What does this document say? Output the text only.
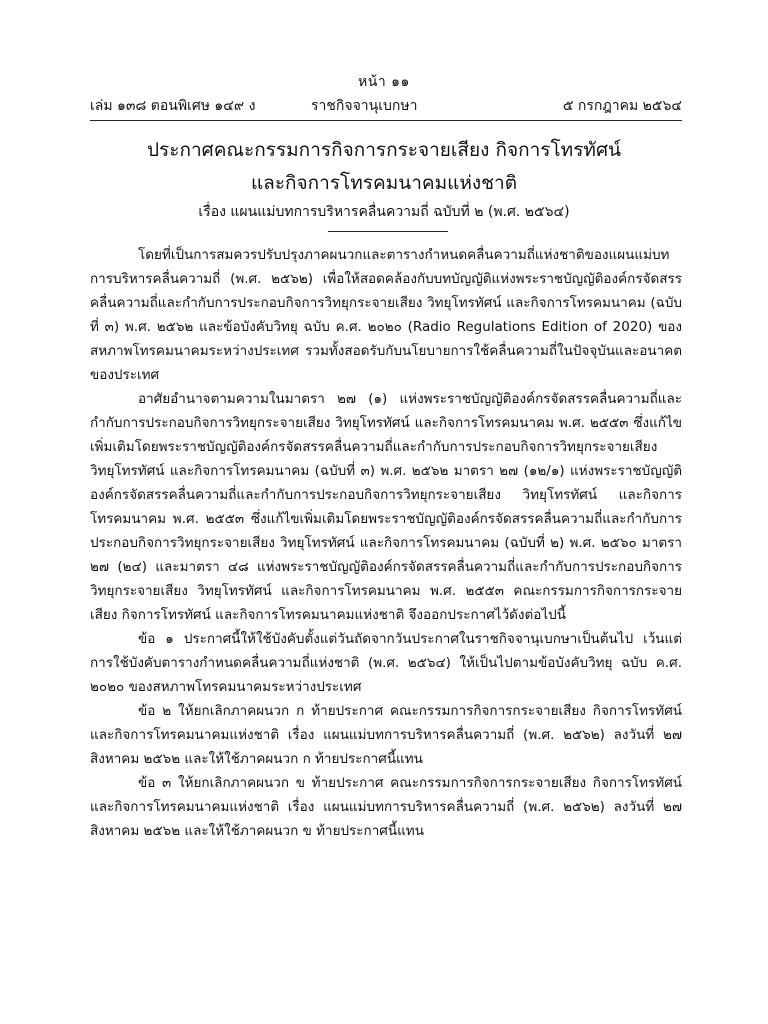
หน้า ๑๑
เล่ม ๑๓๘ ตอนพิเศษ ๑๔๙ ง	ราชกิจจานุเบกษา	๕ กรกฎาคม ๒๕๖๔
ประกาศคณะกรรมการกิจการกระจายเสียง กิจการโทรทัศน์
และกิจการโทรคมนาคมแห่งชาติ
เรื่อง แผนแม่บทการบริหารคลื่นความถี่ ฉบับที่ ๒ (พ.ศ. ๒๕๖๔)

โดยที่เป็นการสมควรปรับปรุงภาคผนวกและตารางกำหนดคลื่นความถี่แห่งชาติของแผนแม่บทการบริหารคลื่นความถี่ (พ.ศ. ๒๕๖๒) เพื่อให้สอดคล้องกับบทบัญญัติแห่งพระราชบัญญัติองค์กรจัดสรรคลื่นความถี่และกำกับการประกอบกิจการวิทยุกระจายเสียง วิทยุโทรทัศน์ และกิจการโทรคมนาคม (ฉบับที่ ๓) พ.ศ. ๒๕๖๒ และข้อบังคับวิทยุ ฉบับ ค.ศ. ๒๐๒๐ (Radio Regulations Edition of 2020) ของสหภาพโทรคมนาคมระหว่างประเทศ รวมทั้งสอดรับกับนโยบายการใช้คลื่นความถี่ในปัจจุบันและอนาคตของประเทศ

อาศัยอำนาจตามความในมาตรา ๒๗ (๑) แห่งพระราชบัญญัติองค์กรจัดสรรคลื่นความถี่และกำกับการประกอบกิจการวิทยุกระจายเสียง วิทยุโทรทัศน์ และกิจการโทรคมนาคม พ.ศ. ๒๕๕๓ ซึ่งแก้ไขเพิ่มเติมโดยพระราชบัญญัติองค์กรจัดสรรคลื่นความถี่และกำกับการประกอบกิจการวิทยุกระจายเสียง วิทยุโทรทัศน์ และกิจการโทรคมนาคม (ฉบับที่ ๓) พ.ศ. ๒๕๖๒ มาตรา ๒๗ (๑๒/๑) แห่งพระราชบัญญัติองค์กรจัดสรรคลื่นความถี่และกำกับการประกอบกิจการวิทยุกระจายเสียง วิทยุโทรทัศน์ และกิจการโทรคมนาคม พ.ศ. ๒๕๕๓ ซึ่งแก้ไขเพิ่มเติมโดยพระราชบัญญัติองค์กรจัดสรรคลื่นความถี่และกำกับการประกอบกิจการวิทยุกระจายเสียง วิทยุโทรทัศน์ และกิจการโทรคมนาคม (ฉบับที่ ๒) พ.ศ. ๒๕๖๐ มาตรา ๒๗ (๒๔) และมาตรา ๔๘ แห่งพระราชบัญญัติองค์กรจัดสรรคลื่นความถี่และกำกับการประกอบกิจการวิทยุกระจายเสียง วิทยุโทรทัศน์ และกิจการโทรคมนาคม พ.ศ. ๒๕๕๓ คณะกรรมการกิจการกระจายเสียง กิจการโทรทัศน์ และกิจการโทรคมนาคมแห่งชาติ จึงออกประกาศไว้ดังต่อไปนี้

ข้อ ๑ ประกาศนี้ให้ใช้บังคับตั้งแต่วันถัดจากวันประกาศในราชกิจจานุเบกษาเป็นต้นไป เว้นแต่ การใช้บังคับตารางกำหนดคลื่นความถี่แห่งชาติ (พ.ศ. ๒๕๖๔) ให้เป็นไปตามข้อบังคับวิทยุ ฉบับ ค.ศ. ๒๐๒๐ ของสหภาพโทรคมนาคมระหว่างประเทศ

ข้อ ๒ ให้ยกเลิกภาคผนวก ก ท้ายประกาศ คณะกรรมการกิจการกระจายเสียง กิจการโทรทัศน์ และกิจการโทรคมนาคมแห่งชาติ เรื่อง แผนแม่บทการบริหารคลื่นความถี่ (พ.ศ. ๒๕๖๒) ลงวันที่ ๒๗ สิงหาคม ๒๕๖๒ และให้ใช้ภาคผนวก ก ท้ายประกาศนี้แทน

ข้อ ๓ ให้ยกเลิกภาคผนวก ข ท้ายประกาศ คณะกรรมการกิจการกระจายเสียง กิจการโทรทัศน์ และกิจการโทรคมนาคมแห่งชาติ เรื่อง แผนแม่บทการบริหารคลื่นความถี่ (พ.ศ. ๒๕๖๒) ลงวันที่ ๒๗ สิงหาคม ๒๕๖๒ และให้ใช้ภาคผนวก ข ท้ายประกาศนี้แทน
